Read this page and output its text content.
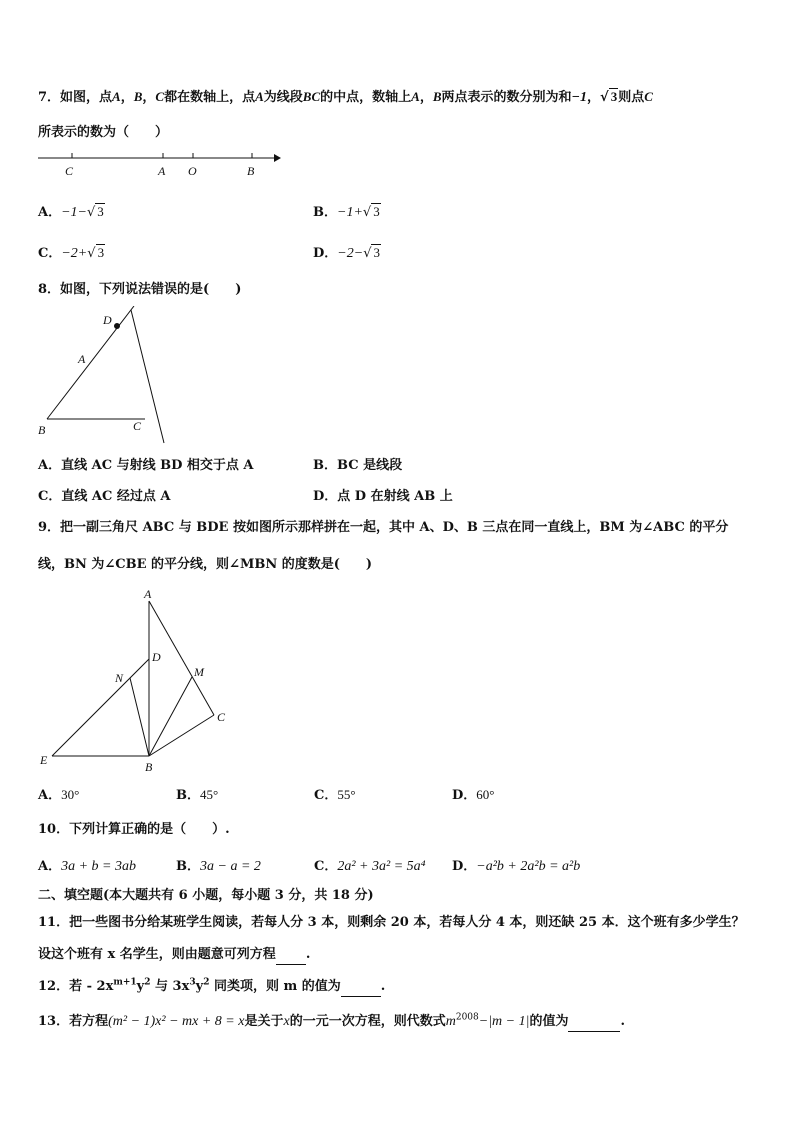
7．如图，点A，B，C都在数轴上，点A为线段BC的中点，数轴上A，B两点表示的数分别为和−1，√ 3则点C
所表示的数为（　　）
C	A O	B
A．−1−√ 3	B．−1+√ 3
C．−2+√ 3	D．−2−√ 3
8．如图，下列说法错误的是(　　)
D
A
B	C
A．直线 AC 与射线 BD 相交于点 A	B．BC 是线段
C．直线 AC 经过点 A	D．点 D 在射线 AB 上
9．把一副三角尺 ABC 与 BDE 按如图所示那样拼在一起，其中 A、D、B 三点在同一直线上，BM 为∠ABC 的平分
线，BN 为∠CBE 的平分线，则∠MBN 的度数是(　　)
A
D
N	M
C
E	B
A．30°	B．45°	C．55°	D．60°
10．下列计算正确的是（　　）.
A．3a + b = 3ab	B．3a − a = 2	C．2a² + 3a² = 5a⁴ D．−a²b + 2a²b = a²b
二、填空题(本大题共有 6 小题，每小题 3 分，共 18 分)
11．把一些图书分给某班学生阅读，若每人分 3 本，则剩余 20 本，若每人分 4 本，则还缺 25 本．这个班有多少学生？
设这个班有 x 名学生，则由题意可列方程 .
12．若 - $2x^{m+1}y^2$ 与 $3x^3y^2$ 同类项，则 m 的值为	.
13．若方程(m² − 1)x² − mx + 8 = x是关于x的一元一次方程，则代数式$m^{2008}-|m - 1|$的值为	.
